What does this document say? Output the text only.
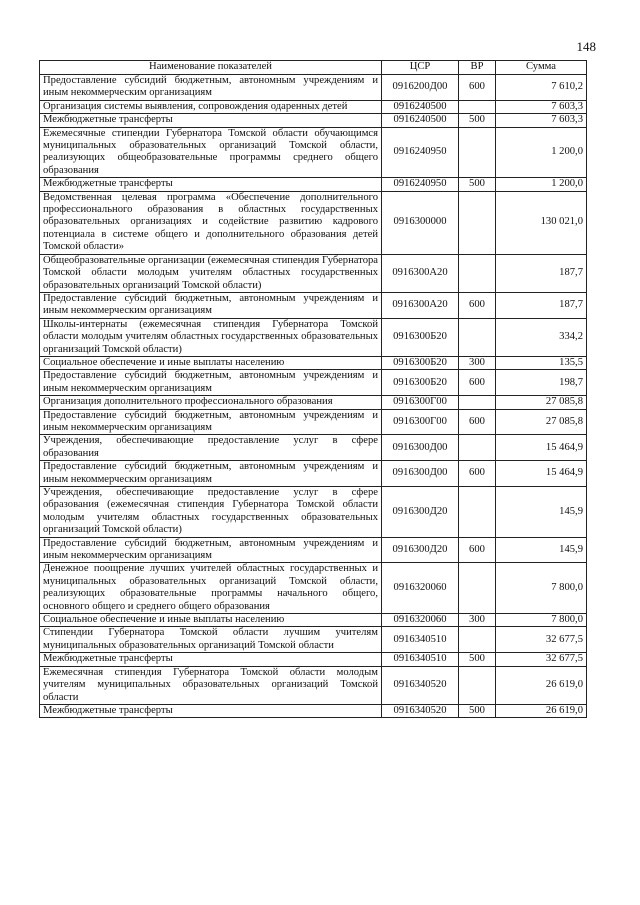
148
Наименование показателей	ЦСР	ВР	Сумма
Предоставление субсидий бюджетным, автономным учреждениям и иным некоммерческим организациям	0916200Д00	600	7 610,2
Организация системы выявления, сопровождения одаренных детей	0916240500		7 603,3
Межбюджетные трансферты	0916240500	500	7 603,3
Ежемесячные стипендии Губернатора Томской области обучающимся муниципальных образовательных организаций Томской области, реализующих общеобразовательные программы среднего общего образования	0916240950		1 200,0
Межбюджетные трансферты	0916240950	500	1 200,0
Ведомственная целевая программа «Обеспечение дополнительного профессионального образования в областных государственных образовательных организациях и содействие развитию кадрового потенциала в системе общего и дополнительного образования детей Томской области»	0916300000		130 021,0
Общеобразовательные организации (ежемесячная стипендия Губернатора Томской области молодым учителям областных государственных образовательных организаций Томской области)	0916300А20		187,7
Предоставление субсидий бюджетным, автономным учреждениям и иным некоммерческим организациям	0916300А20	600	187,7
Школы-интернаты (ежемесячная стипендия Губернатора Томской области молодым учителям областных государственных образовательных организаций Томской области)	0916300Б20		334,2
Социальное обеспечение и иные выплаты населению	0916300Б20	300	135,5
Предоставление субсидий бюджетным, автономным учреждениям и иным некоммерческим организациям	0916300Б20	600	198,7
Организация дополнительного профессионального образования	0916300Г00		27 085,8
Предоставление субсидий бюджетным, автономным учреждениям и иным некоммерческим организациям	0916300Г00	600	27 085,8
Учреждения, обеспечивающие предоставление услуг в сфере образования	0916300Д00		15 464,9
Предоставление субсидий бюджетным, автономным учреждениям и иным некоммерческим организациям	0916300Д00	600	15 464,9
Учреждения, обеспечивающие предоставление услуг в сфере образования (ежемесячная стипендия Губернатора Томской области молодым учителям областных государственных образовательных организаций Томской области)	0916300Д20		145,9
Предоставление субсидий бюджетным, автономным учреждениям и иным некоммерческим организациям	0916300Д20	600	145,9
Денежное поощрение лучших учителей областных государственных и муниципальных образовательных организаций Томской области, реализующих образовательные программы начального общего, основного общего и среднего общего образования	0916320060		7 800,0
Социальное обеспечение и иные выплаты населению	0916320060	300	7 800,0
Стипендии Губернатора Томской области лучшим учителям муниципальных образовательных организаций Томской области	0916340510		32 677,5
Межбюджетные трансферты	0916340510	500	32 677,5
Ежемесячная стипендия Губернатора Томской области молодым учителям муниципальных образовательных организаций Томской области	0916340520		26 619,0
Межбюджетные трансферты	0916340520	500	26 619,0
